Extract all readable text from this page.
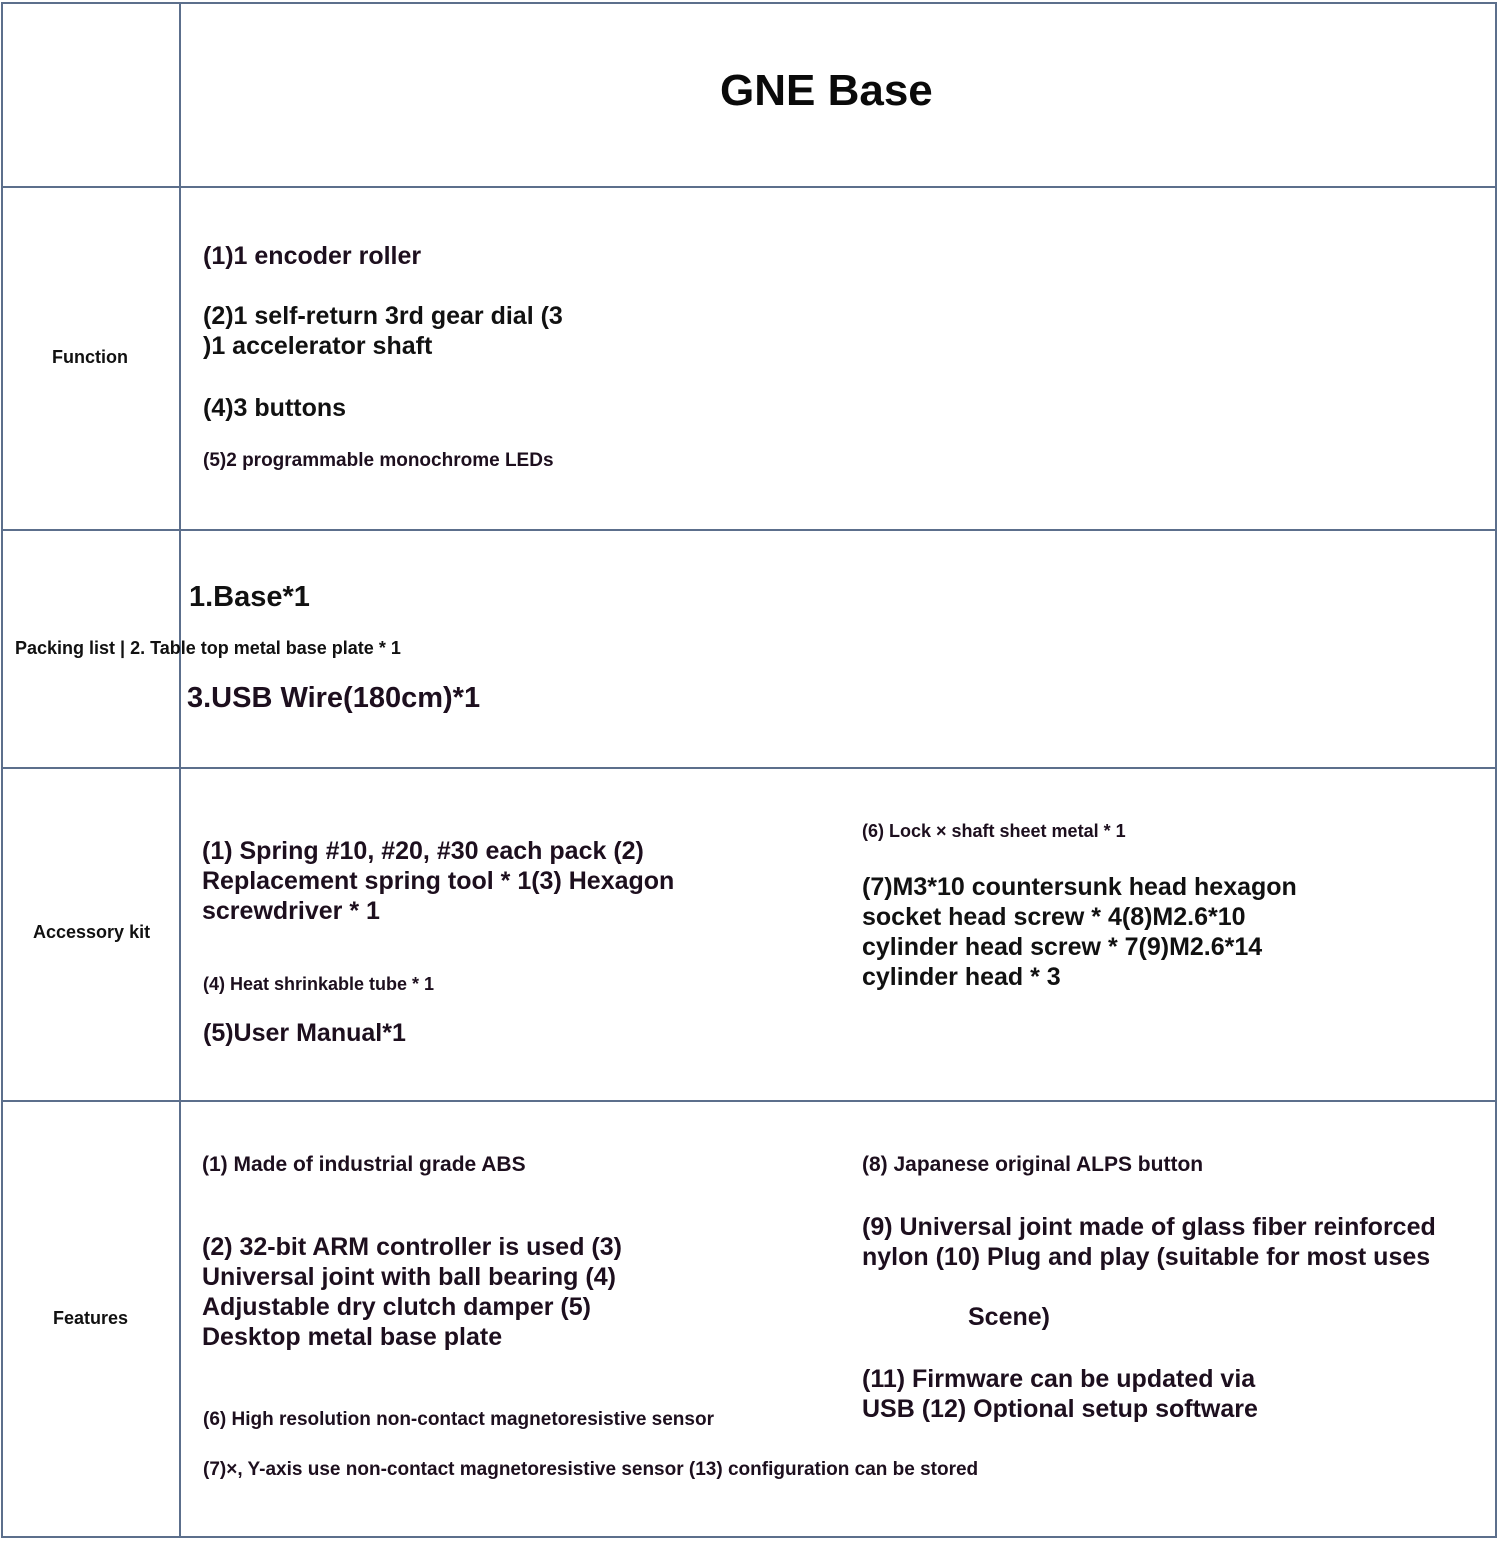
GNE Base
Function
(1)1 encoder roller
(2)1 self-return 3rd gear dial (3
)1 accelerator shaft
(4)3 buttons
(5)2 programmable monochrome LEDs
Packing list | 2. Table top metal base plate * 1
1.Base*1
3.USB Wire(180cm)*1
Accessory kit
(1) Spring #10, #20, #30 each pack (2)
Replacement spring tool * 1(3) Hexagon
screwdriver * 1
(4) Heat shrinkable tube * 1
(5)User Manual*1
(6) Lock × shaft sheet metal * 1
(7)M3*10 countersunk head hexagon
socket head screw * 4(8)M2.6*10
cylinder head screw * 7(9)M2.6*14
cylinder head * 3
Features
(1) Made of industrial grade ABS
(2) 32-bit ARM controller is used (3)
Universal joint with ball bearing (4)
Adjustable dry clutch damper (5)
Desktop metal base plate
(6) High resolution non-contact magnetoresistive sensor
(7)×, Y-axis use non-contact magnetoresistive sensor (13) configuration can be stored
(8) Japanese original ALPS button
(9) Universal joint made of glass fiber reinforced
nylon (10) Plug and play (suitable for most uses
Scene)
(11) Firmware can be updated via
USB (12) Optional setup software
